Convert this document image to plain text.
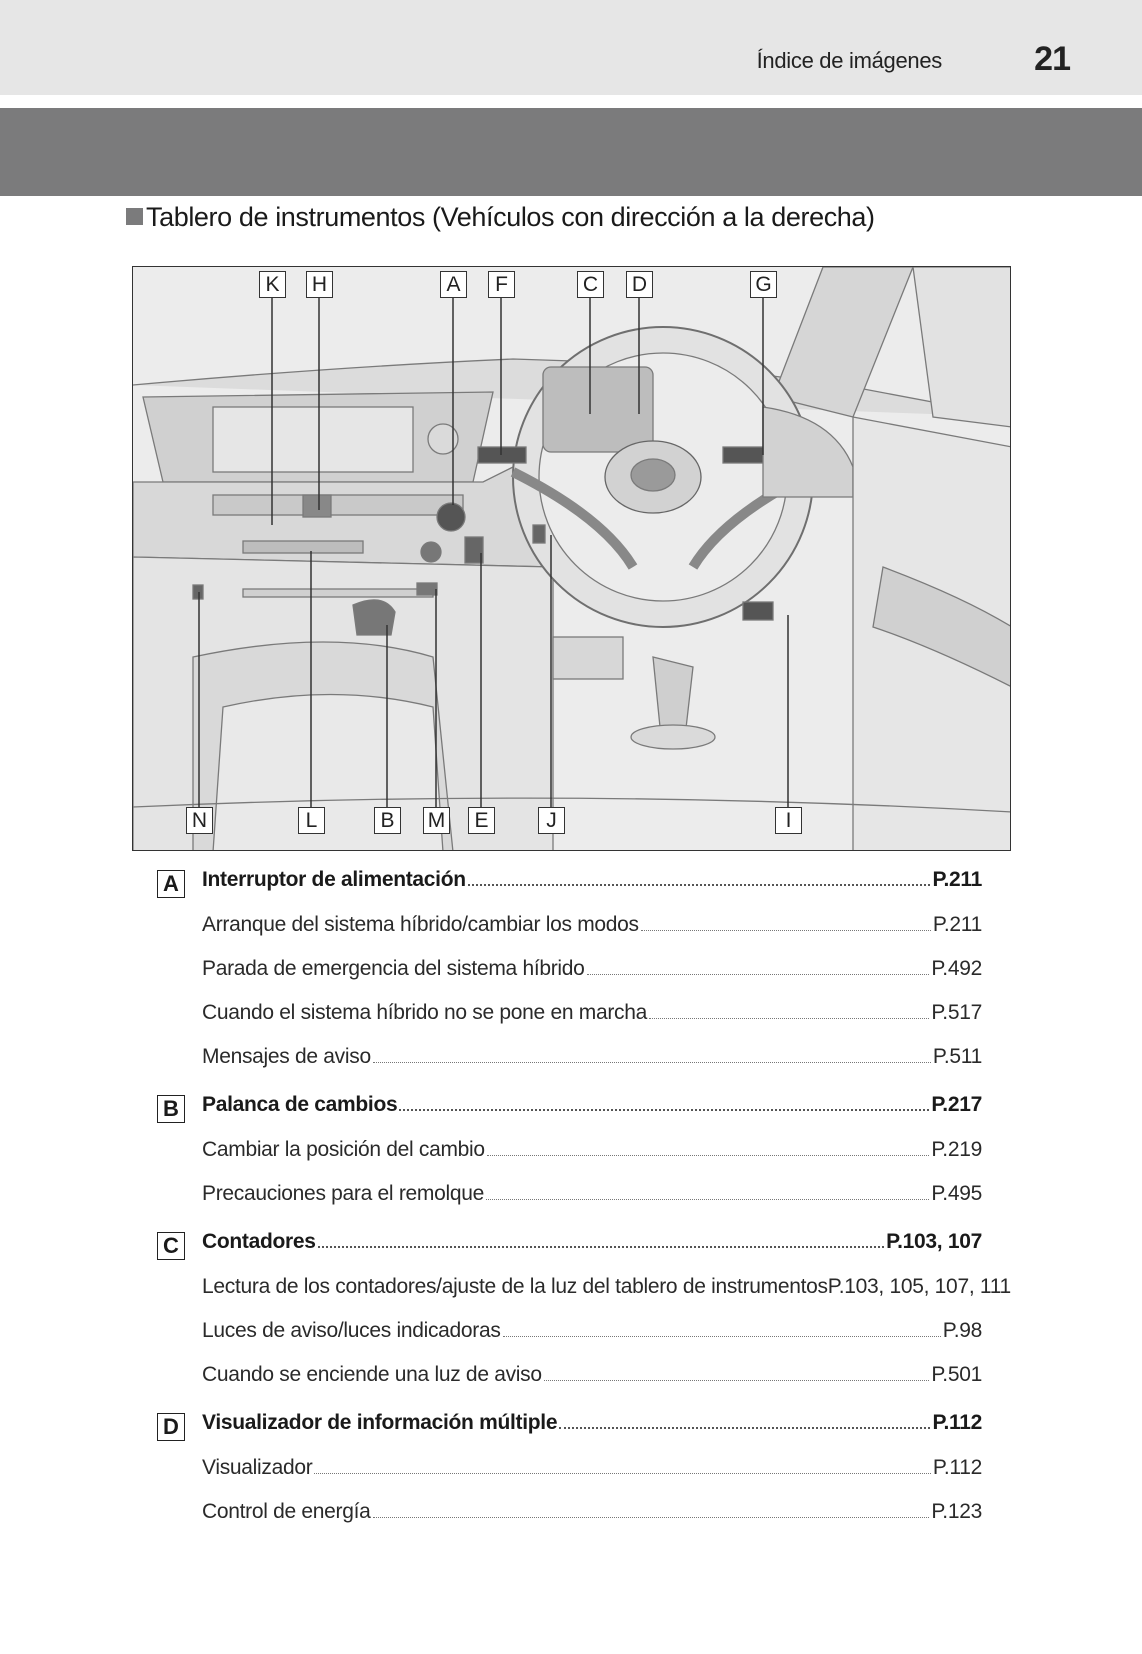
Índice de imágenes	21
Tablero de instrumentos (Vehículos con dirección a la derecha)
K	H	A	F	C D	G
N	L	B	M	E	J	I
A Interruptor de alimentación	P.211
Arranque del sistema híbrido/cambiar los modos	P.211
Parada de emergencia del sistema híbrido	P.492
Cuando el sistema híbrido no se pone en marcha	P.517
Mensajes de aviso	P.511
B Palanca de cambios	P.217
Cambiar la posición del cambio	P.219
Precauciones para el remolque	P.495
C Contadores	P.103, 107
Lectura de los contadores/ajuste de la luz del tablero de instrumentos P.103, 105, 107, 111
Luces de aviso/luces indicadoras	P.98
Cuando se enciende una luz de aviso	P.501
D Visualizador de información múltiple	P.112
Visualizador	P.112
Control de energía	P.123
